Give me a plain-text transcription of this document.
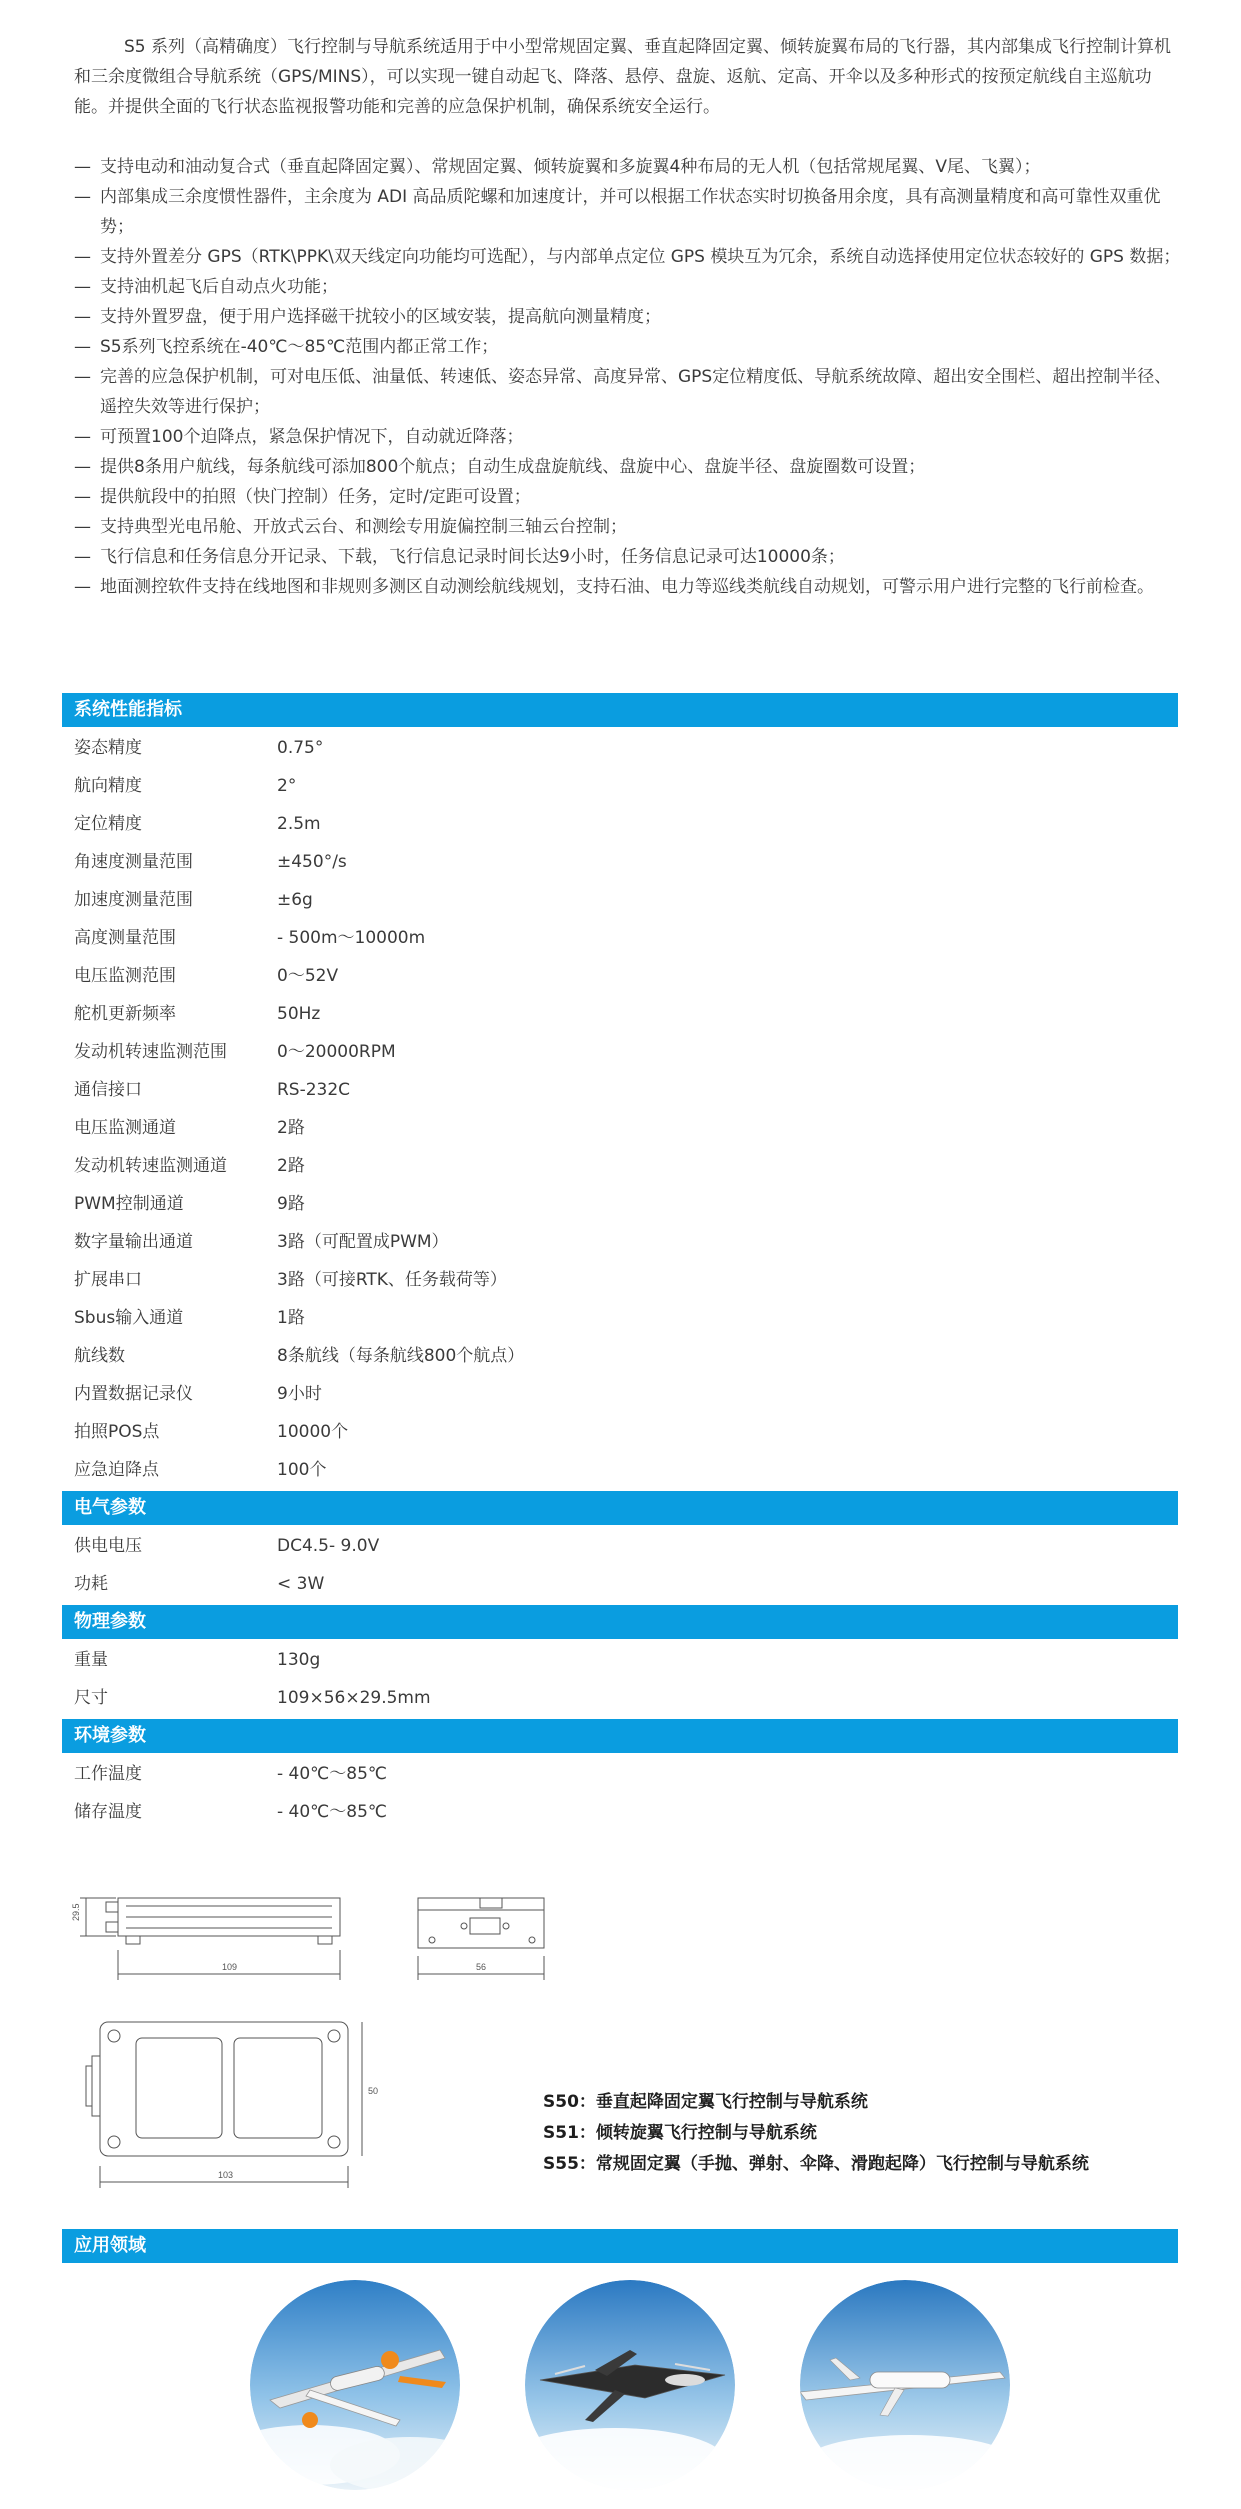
S5 系列（高精确度）飞行控制与导航系统适用于中小型常规固定翼、垂直起降固定翼、倾转旋翼布局的飞行器，其内部集成飞行控制计算机和三余度微组合导航系统（GPS/MINS），可以实现一键自动起飞、降落、悬停、盘旋、返航、定高、开伞以及多种形式的按预定航线自主巡航功能。并提供全面的飞行状态监视报警功能和完善的应急保护机制，确保系统安全运行。

— 支持电动和油动复合式（垂直起降固定翼）、常规固定翼、倾转旋翼和多旋翼4种布局的无人机（包括常规尾翼、V尾、飞翼）；
— 内部集成三余度惯性器件，主余度为 ADI 高品质陀螺和加速度计，并可以根据工作状态实时切换备用余度，具有高测量精度和高可靠性双重优势；
— 支持外置差分 GPS（RTK\PPK\双天线定向功能均可选配），与内部单点定位 GPS 模块互为冗余，系统自动选择使用定位状态较好的 GPS 数据；
— 支持油机起飞后自动点火功能；
— 支持外置罗盘，便于用户选择磁干扰较小的区域安装，提高航向测量精度；
— S5系列飞控系统在-40℃～85℃范围内都正常工作；
— 完善的应急保护机制，可对电压低、油量低、转速低、姿态异常、高度异常、GPS定位精度低、导航系统故障、超出安全围栏、超出控制半径、遥控失效等进行保护；
— 可预置100个迫降点，紧急保护情况下，自动就近降落；
— 提供8条用户航线，每条航线可添加800个航点；自动生成盘旋航线、盘旋中心、盘旋半径、盘旋圈数可设置；
— 提供航段中的拍照（快门控制）任务，定时/定距可设置；
— 支持典型光电吊舱、开放式云台、和测绘专用旋偏控制三轴云台控制；
— 飞行信息和任务信息分开记录、下载，飞行信息记录时间长达9小时，任务信息记录可达10000条；
— 地面测控软件支持在线地图和非规则多测区自动测绘航线规划，支持石油、电力等巡线类航线自动规划，可警示用户进行完整的飞行前检查。
系统性能指标
姿态精度	0.75°
航向精度	2°
定位精度	2.5m
角速度测量范围	±450°/s
加速度测量范围	±6g
高度测量范围	- 500m～10000m
电压监测范围	0～52V
舵机更新频率	50Hz
发动机转速监测范围	0～20000RPM
通信接口	RS-232C
电压监测通道	2路
发动机转速监测通道	2路
PWM控制通道	9路
数字量输出通道	3路（可配置成PWM）
扩展串口	3路（可接RTK、任务载荷等）
Sbus输入通道	1路
航线数	8条航线（每条航线800个航点）
内置数据记录仪	9小时
拍照POS点	10000个
应急迫降点	100个
电气参数
供电电压	DC4.5- 9.0V
功耗	< 3W
物理参数
重量	130g
尺寸	109×56×29.5mm
环境参数
工作温度	- 40℃～85℃
储存温度	- 40℃～85℃
29.5
109	56
50
103
S50：垂直起降固定翼飞行控制与导航系统
S51：倾转旋翼飞行控制与导航系统
S55：常规固定翼（手抛、弹射、伞降、滑跑起降）飞行控制与导航系统
应用领域
